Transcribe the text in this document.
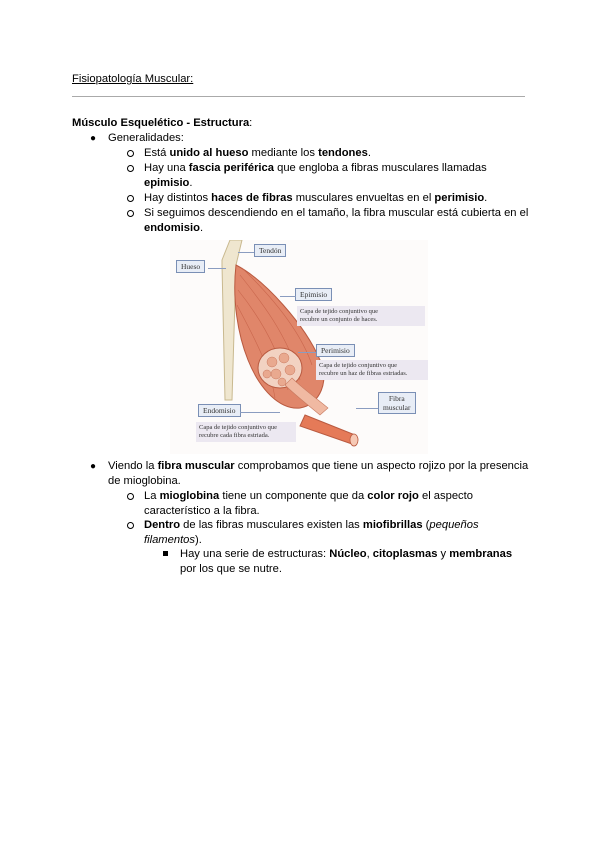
Fisiopatología Muscular:
Músculo Esquelético - Estructura:
● Generalidades:
Está unido al hueso mediante los tendones.
Hay una fascia periférica que engloba a fibras musculares llamadas
epimisio.
Hay distintos haces de fibras musculares envueltas en el perimisio.
Si seguimos descendiendo en el tamaño, la fibra muscular está cubierta en el
endomisio.
Hueso
Tendón
Epimisio
Capa de tejido conjuntivo que
recubre un conjunto de haces.
Perimisio
Capa de tejido conjuntivo que
recubre un haz de fibras estriadas.
Fibra
muscular
Endomisio
Capa de tejido conjuntivo que
recubre cada fibra estriada.
● Viendo la fibra muscular comprobamos que tiene un aspecto rojizo por la presencia
de mioglobina.
La mioglobina tiene un componente que da color rojo el aspecto
característico a la fibra.
Dentro de las fibras musculares existen las miofibrillas (pequeños
filamentos).
Hay una serie de estructuras: Núcleo, citoplasmas y membranas
por los que se nutre.
